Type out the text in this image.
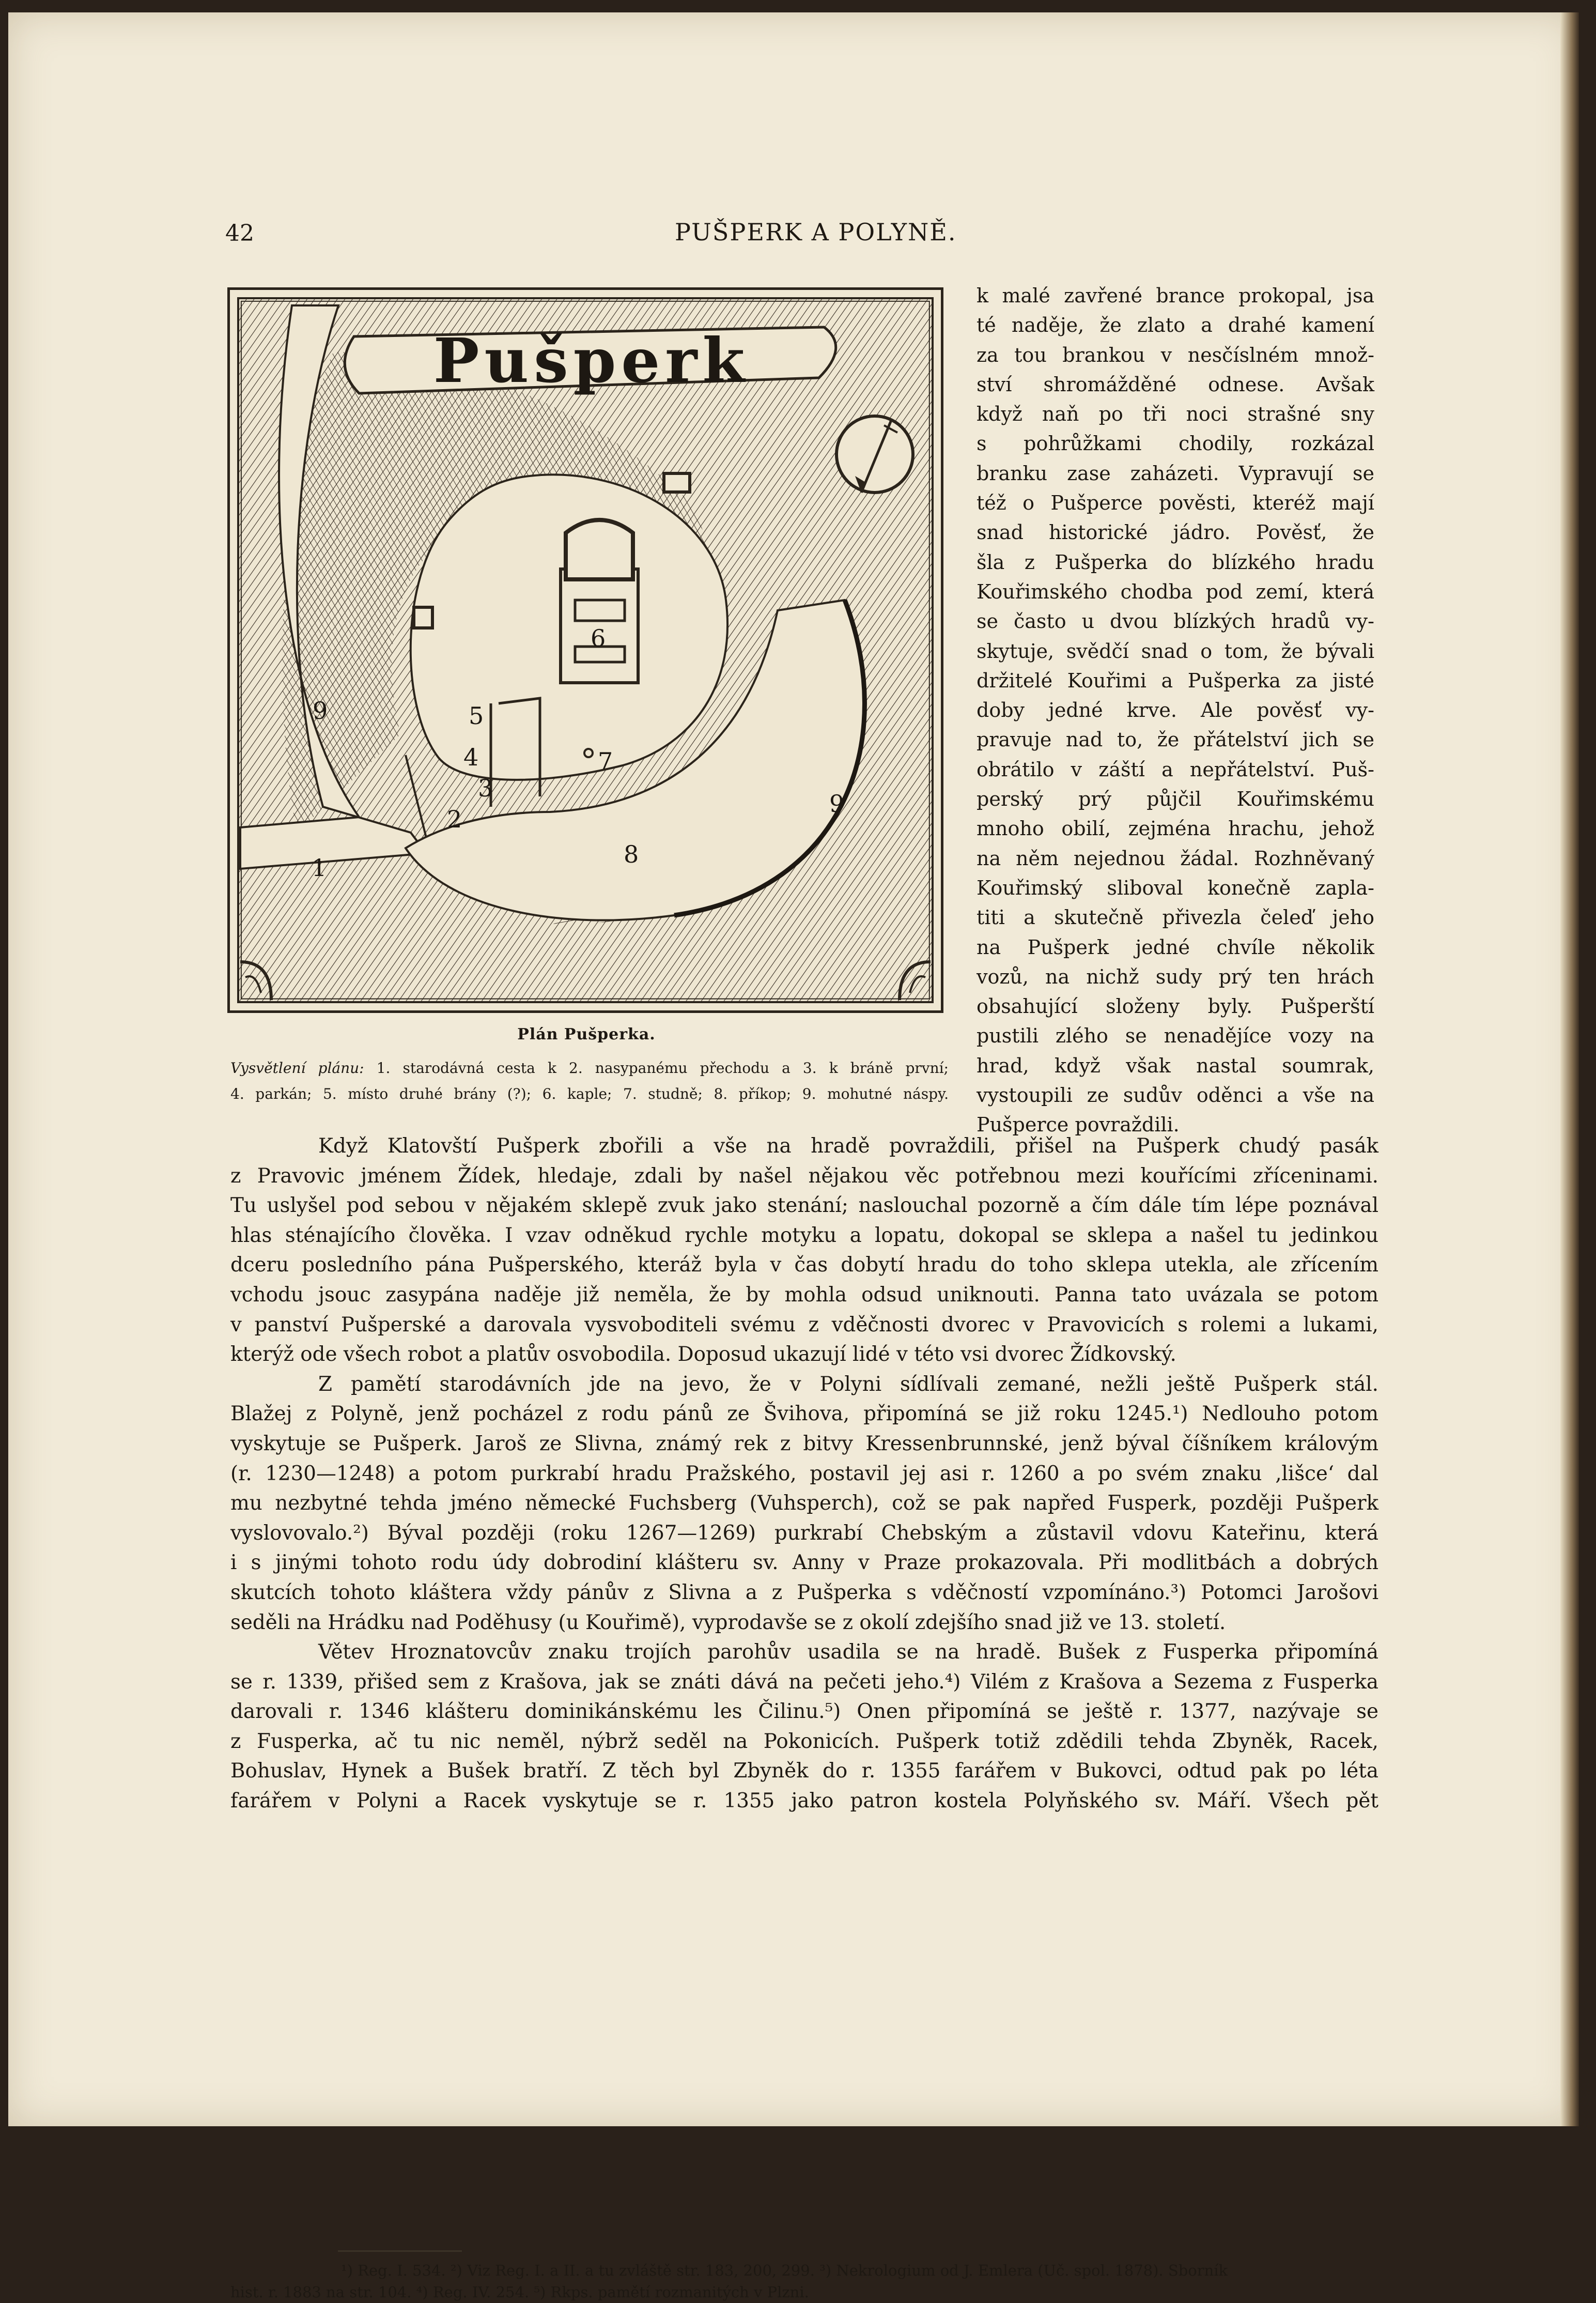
42	PUŠPERK A POLYNĚ.
Pušperk
1
2
3
4
5
6
7
8
9
9
Plán Pušperka.
Vysvětlení plánu: 1. starodávná cesta k 2. nasypanému přechodu a 3. k bráně první;
4. parkán; 5. místo druhé brány (?); 6. kaple; 7. studně; 8. příkop; 9. mohutné náspy.
k malé zavřené brance prokopal, jsa
té naděje, že zlato a drahé kamení
za tou brankou v nesčíslném množ-
ství shromážděné odnese. Avšak
když naň po tři noci strašné sny
s pohrůžkami chodily, rozkázal
branku zase zaházeti. Vypravují se
též o Pušperce pověsti, kteréž mají
snad historické jádro. Pověsť, že
šla z Pušperka do blízkého hradu
Kouřimského chodba pod zemí, která
se často u dvou blízkých hradů vy-
skytuje, svědčí snad o tom, že bývali
držitelé Kouřimi a Pušperka za jisté
doby jedné krve. Ale pověsť vy-
pravuje nad to, že přátelství jich se
obrátilo v záští a nepřátelství. Puš-
perský prý půjčil Kouřimskému
mnoho obilí, zejména hrachu, jehož
na něm nejednou žádal. Rozhněvaný
Kouřimský sliboval konečně zapla-
titi a skutečně přivezla čeleď jeho
na Pušperk jedné chvíle několik
vozů, na nichž sudy prý ten hrách
obsahující složeny byly. Pušperští
pustili zlého se nenadějíce vozy na
hrad, když však nastal soumrak,
vystoupili ze sudův oděnci a vše na
Pušperce povraždili.
Když Klatovští Pušperk zbořili a vše na hradě povraždili, přišel na Pušperk chudý pasák
z Pravovic jménem Žídek, hledaje, zdali by našel nějakou věc potřebnou mezi kouřícími zříceninami.
Tu uslyšel pod sebou v nějakém sklepě zvuk jako stenání; naslouchal pozorně a čím dále tím lépe poznával
hlas sténajícího člověka. I vzav odněkud rychle motyku a lopatu, dokopal se sklepa a našel tu jedinkou
dceru posledního pána Pušperského, kteráž byla v čas dobytí hradu do toho sklepa utekla, ale zřícením
vchodu jsouc zasypána naděje již neměla, že by mohla odsud uniknouti. Panna tato uvázala se potom
v panství Pušperské a darovala vysvoboditeli svému z vděčnosti dvorec v Pravovicích s rolemi a lukami,
kterýž ode všech robot a platův osvobodila. Doposud ukazují lidé v této vsi dvorec Žídkovský.
Z pamětí starodávních jde na jevo, že v Polyni sídlívali zemané, nežli ještě Pušperk stál.
Blažej z Polyně, jenž pocházel z rodu pánů ze Švihova, připomíná se již roku 1245.¹) Nedlouho potom
vyskytuje se Pušperk. Jaroš ze Slivna, známý rek z bitvy Kressenbrunnské, jenž býval číšníkem královým
(r. 1230—1248) a potom purkrabí hradu Pražského, postavil jej asi r. 1260 a po svém znaku ‚lišce‘ dal
mu nezbytné tehda jméno německé Fuchsberg (Vuhsperch), což se pak napřed Fusperk, později Pušperk
vyslovovalo.²) Býval později (roku 1267—1269) purkrabí Chebským a zůstavil vdovu Kateřinu, která
i s jinými tohoto rodu údy dobrodiní klášteru sv. Anny v Praze prokazovala. Při modlitbách a dobrých
skutcích tohoto kláštera vždy pánův z Slivna a z Pušperka s vděčností vzpomínáno.³) Potomci Jarošovi
seděli na Hrádku nad Poděhusy (u Kouřimě), vyprodavše se z okolí zdejšího snad již ve 13. století.
Větev Hroznatovcův znaku trojích parohův usadila se na hradě. Bušek z Fusperka připomíná
se r. 1339, přišed sem z Krašova, jak se znáti dává na pečeti jeho.⁴) Vilém z Krašova a Sezema z Fusperka
darovali r. 1346 klášteru dominikánskému les Čilinu.⁵) Onen připomíná se ještě r. 1377, nazývaje se
z Fusperka, ač tu nic neměl, nýbrž seděl na Pokonicích. Pušperk totiž zdědili tehda Zbyněk, Racek,
Bohuslav, Hynek a Bušek bratří. Z těch byl Zbyněk do r. 1355 farářem v Bukovci, odtud pak po léta
farářem v Polyni a Racek vyskytuje se r. 1355 jako patron kostela Polyňského sv. Máří. Všech pět
¹) Reg. I. 534. ²) Viz Reg. I. a II. a tu zvláště str. 183, 200, 299. ³) Nekrologium od J. Emlera (Uč. spol. 1878). Sborník
hist. r. 1883 na str. 104. ⁴) Reg. IV. 254. ⁵) Rkps. pamětí rozmanitých v Plzni.
